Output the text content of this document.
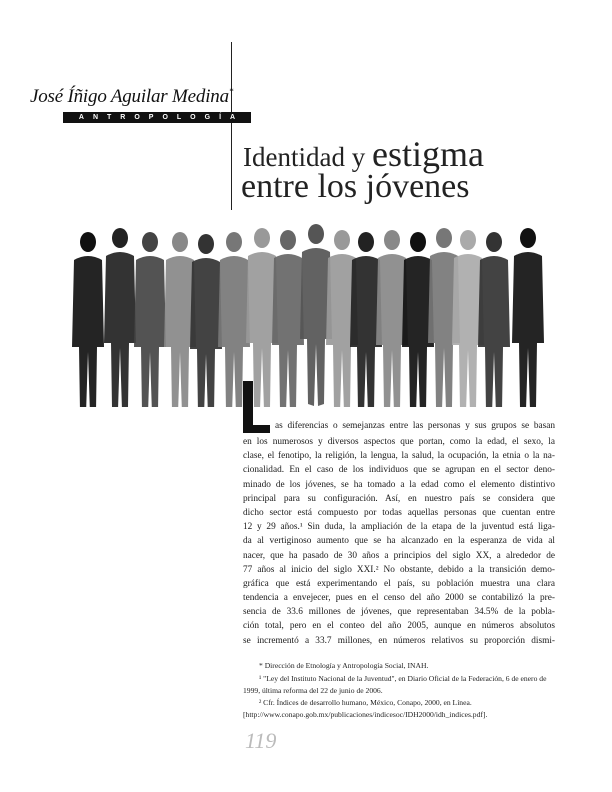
José Íñigo Aguilar Medina*
ANTROPOLOGÍA
Identidad y estigma
entre los jóvenes
as diferencias o semejanzas entre las personas y sus grupos se basan
en los numerosos y diversos aspectos que portan, como la edad, el sexo, la
clase, el fenotipo, la religión, la lengua, la salud, la ocupación, la etnia o la na-
cionalidad. En el caso de los individuos que se agrupan en el sector deno-
minado de los jóvenes, se ha tomado a la edad como el elemento distintivo
principal para su configuración. Así, en nuestro país se considera que
dicho sector está compuesto por todas aquellas personas que cuentan entre
12 y 29 años.¹ Sin duda, la ampliación de la etapa de la juventud está liga-
da al vertiginoso aumento que se ha alcanzado en la esperanza de vida al
nacer, que ha pasado de 30 años a principios del siglo XX, a alrededor de
77 años al inicio del siglo XXI.² No obstante, debido a la transición demo-
gráfica que está experimentando el país, su población muestra una clara
tendencia a envejecer, pues en el censo del año 2000 se contabilizó la pre-
sencia de 33.6 millones de jóvenes, que representaban 34.5% de la pobla-
ción total, pero en el conteo del año 2005, aunque en números absolutos
se incrementó a 33.7 millones, en números relativos su proporción dismi-
* Dirección de Etnología y Antropología Social, INAH.
¹ "Ley del Instituto Nacional de la Juventud", en Diario Oficial de la Federación, 6 de enero de 1999, última reforma del 22 de junio de 2006.
² Cfr. Índices de desarrollo humano, México, Conapo, 2000, en Línea. [http://www.conapo.gob.mx/publicaciones/indicesoc/IDH2000/idh_indices.pdf].
119
